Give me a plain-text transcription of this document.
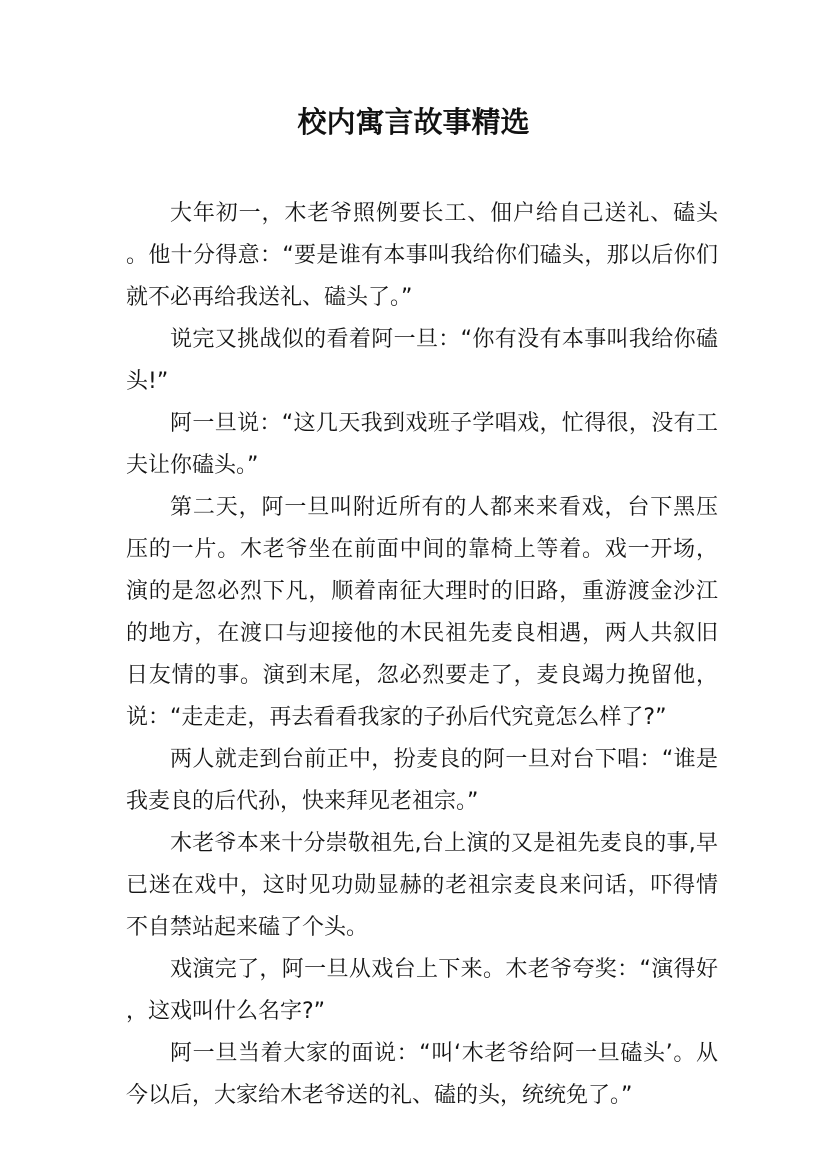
校内寓言故事精选

大年初一，木老爷照例要长工、佃户给自己送礼、磕头。他十分得意：“要是谁有本事叫我给你们磕头，那以后你们就不必再给我送礼、磕头了。”

说完又挑战似的看着阿一旦：“你有没有本事叫我给你磕头!”

阿一旦说：“这几天我到戏班子学唱戏，忙得很，没有工夫让你磕头。”

第二天，阿一旦叫附近所有的人都来来看戏，台下黑压压的一片。木老爷坐在前面中间的靠椅上等着。戏一开场，演的是忽必烈下凡，顺着南征大理时的旧路，重游渡金沙江的地方，在渡口与迎接他的木民祖先麦良相遇，两人共叙旧日友情的事。演到末尾，忽必烈要走了，麦良竭力挽留他，说：“走走走，再去看看我家的子孙后代究竟怎么样了?”

两人就走到台前正中，扮麦良的阿一旦对台下唱：“谁是我麦良的后代孙，快来拜见老祖宗。”

木老爷本来十分崇敬祖先,台上演的又是祖先麦良的事,早已迷在戏中，这时见功勋显赫的老祖宗麦良来问话，吓得情不自禁站起来磕了个头。

戏演完了，阿一旦从戏台上下来。木老爷夸奖：“演得好，这戏叫什么名字?”

阿一旦当着大家的面说：“叫‘木老爷给阿一旦磕头’。从今以后，大家给木老爷送的礼、磕的头，统统免了。”
